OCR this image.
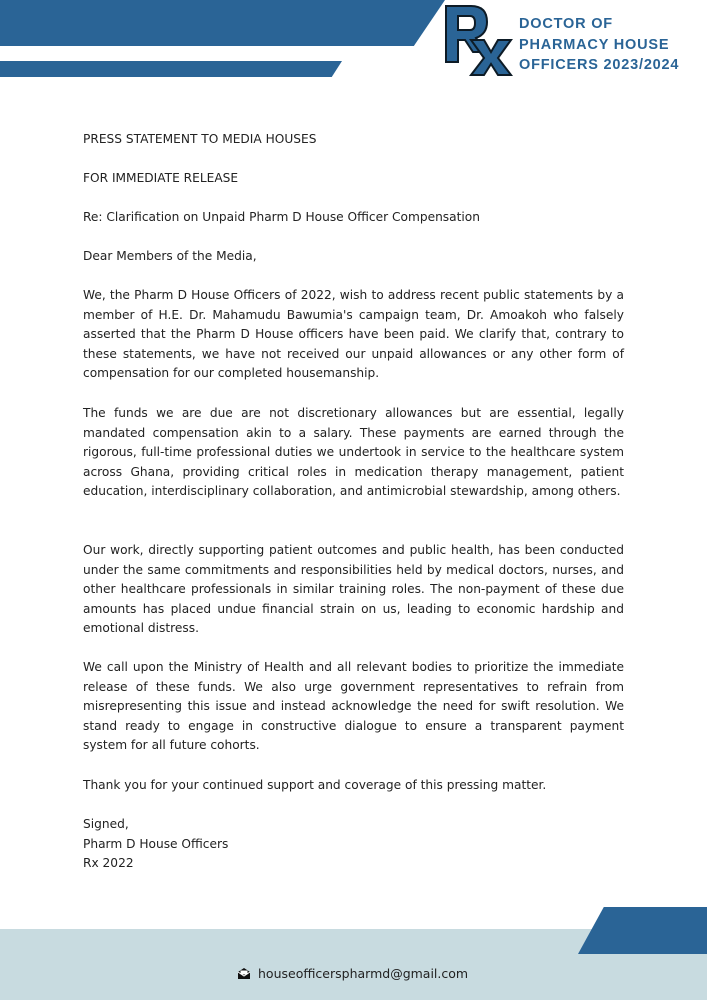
DOCTOR OF
PHARMACY HOUSE
OFFICERS 2023/2024
PRESS STATEMENT TO MEDIA HOUSES
FOR IMMEDIATE RELEASE
Re: Clarification on Unpaid Pharm D House Officer Compensation
Dear Members of the Media,
We, the Pharm D House Officers of 2022, wish to address recent public statements by a member of H.E. Dr. Mahamudu Bawumia's campaign team, Dr. Amoakoh who falsely asserted that the Pharm D House officers have been paid. We clarify that, contrary to these statements, we have not received our unpaid allowances or any other form of compensation for our completed housemanship.
The funds we are due are not discretionary allowances but are essential, legally mandated compensation akin to a salary. These payments are earned through the rigorous, full-time professional duties we undertook in service to the healthcare system across Ghana, providing critical roles in medication therapy management, patient education, interdisciplinary collaboration, and antimicrobial stewardship, among others.
Our work, directly supporting patient outcomes and public health, has been conducted under the same commitments and responsibilities held by medical doctors, nurses, and other healthcare professionals in similar training roles. The non-payment of these due amounts has placed undue financial strain on us, leading to economic hardship and emotional distress.
We call upon the Ministry of Health and all relevant bodies to prioritize the immediate release of these funds. We also urge government representatives to refrain from misrepresenting this issue and instead acknowledge the need for swift resolution. We stand ready to engage in constructive dialogue to ensure a transparent payment system for all future cohorts.
Thank you for your continued support and coverage of this pressing matter.
Signed,
Pharm D House Officers
Rx 2022
houseofficerspharmd@gmail.com
